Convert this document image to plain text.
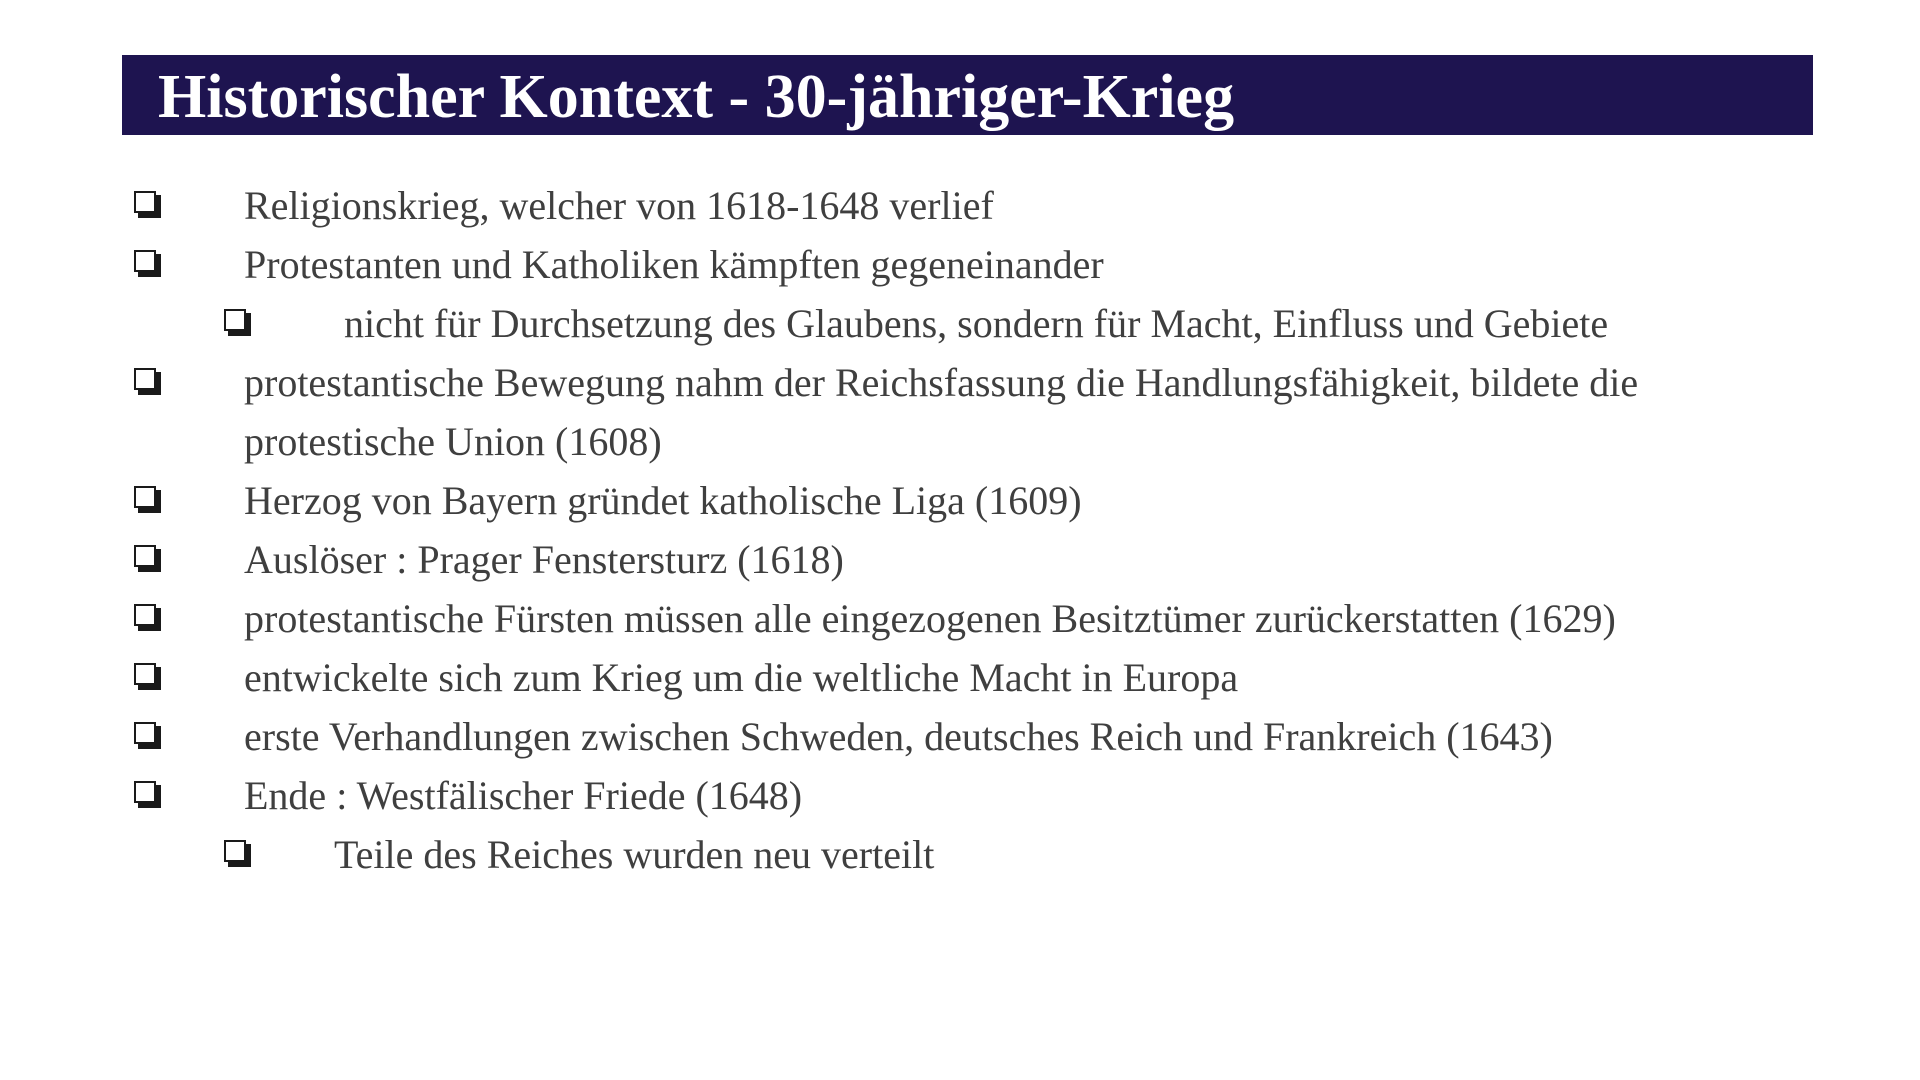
Historischer Kontext - 30-jähriger-Krieg
Religionskrieg, welcher von 1618-1648 verlief
Protestanten und Katholiken kämpften gegeneinander
nicht für Durchsetzung des Glaubens, sondern für Macht, Einfluss und Gebiete
protestantische Bewegung nahm der Reichsfassung die Handlungsfähigkeit, bildete die protestische Union (1608)
Herzog von Bayern gründet katholische Liga (1609)
Auslöser : Prager Fenstersturz (1618)
protestantische Fürsten müssen alle eingezogenen Besitztümer zurückerstatten (1629)
entwickelte sich zum Krieg um die weltliche Macht in Europa
erste Verhandlungen zwischen Schweden, deutsches Reich und Frankreich (1643)
Ende : Westfälischer Friede (1648)
Teile des Reiches wurden neu verteilt
